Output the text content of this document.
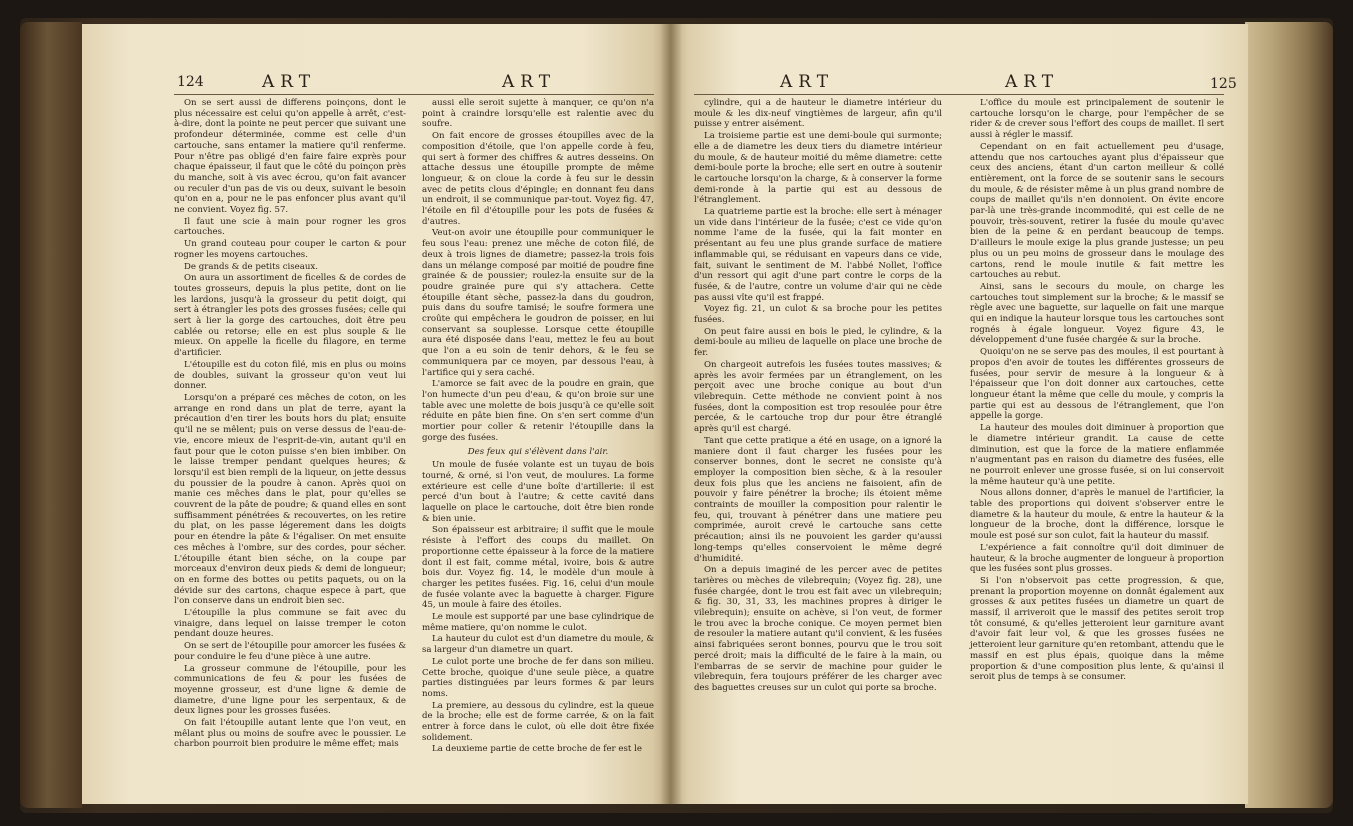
124	ART	ART

On se sert aussi de differens poinçons, dont le plus nécessaire est celui qu'on appelle à arrêt, c'est-à-dire, dont la pointe ne peut percer que suivant une profondeur déterminée, comme est celle d'un cartouche, sans entamer la matiere qu'il renferme. Pour n'être pas obligé d'en faire faire exprès pour chaque épaisseur, il faut que le côté du poinçon près du manche, soit à vis avec écrou, qu'on fait avancer ou reculer d'un pas de vis ou deux, suivant le besoin qu'on en a, pour ne le pas enfoncer plus avant qu'il ne convient. Voyez fig. 57.

Il faut une scie à main pour rogner les gros cartouches.

Un grand couteau pour couper le carton & pour rogner les moyens cartouches.

De grands & de petits ciseaux.

On aura un assortiment de ficelles & de cordes de toutes grosseurs, depuis la plus petite, dont on lie les lardons, jusqu'à la grosseur du petit doigt, qui sert à étrangler les pots des grosses fusées; celle qui sert à lier la gorge des cartouches, doit être peu cablée ou retorse; elle en est plus souple & lie mieux. On appelle la ficelle du filagore, en terme d'artificier.

L'étoupille est du coton filé, mis en plus ou moins de doubles, suivant la grosseur qu'on veut lui donner.

Lorsqu'on a préparé ces mêches de coton, on les arrange en rond dans un plat de terre, ayant la précaution d'en tirer les bouts hors du plat; ensuite qu'il ne se mêlent; puis on verse dessus de l'eau-de-vie, encore mieux de l'esprit-de-vin, autant qu'il en faut pour que le coton puisse s'en bien imbiber. On le laisse tremper pendant quelques heures; & lorsqu'il est bien rempli de la liqueur, on jette dessus du poussier de la poudre à canon. Après quoi on manie ces mêches dans le plat, pour qu'elles se couvrent de la pâte de poudre; & quand elles en sont suffisamment pénétrées & recouvertes, on les retire du plat, on les passe légerement dans les doigts pour en étendre la pâte & l'égaliser. On met ensuite ces mêches à l'ombre, sur des cordes, pour sécher. L'étoupille étant bien séche, on la coupe par morceaux d'environ deux pieds & demi de longueur; on en forme des bottes ou petits paquets, ou on la dévide sur des cartons, chaque espece à part, que l'on conserve dans un endroit bien sec.

L'étoupille la plus commune se fait avec du vinaigre, dans lequel on laisse tremper le coton pendant douze heures.

On se sert de l'étoupille pour amorcer les fusées & pour conduire le feu d'une pièce à une autre.

La grosseur commune de l'étoupille, pour les communications de feu & pour les fusées de moyenne grosseur, est d'une ligne & demie de diametre, d'une ligne pour les serpentaux, & de deux lignes pour les grosses fusées.

On fait l'étoupille autant lente que l'on veut, en mêlant plus ou moins de soufre avec le poussier. Le charbon pourroit bien produire le même effet; mais

aussi elle seroit sujette à manquer, ce qu'on n'a point à craindre lorsqu'elle est ralentie avec du soufre.

On fait encore de grosses étoupilles avec de la composition d'étoile, que l'on appelle corde à feu, qui sert à former des chiffres & autres desseins. On attache dessus une étoupille prompte de même longueur, & on cloue la corde à feu sur le dessin avec de petits clous d'épingle; en donnant feu dans un endroit, il se communique par-tout. Voyez fig. 47, l'étoile en fil d'étoupille pour les pots de fusées & d'autres.

Veut-on avoir une étoupille pour communiquer le feu sous l'eau: prenez une mêche de coton filé, de deux à trois lignes de diametre; passez-la trois fois dans un mélange composé par moitié de poudre fine grainée & de poussier; roulez-la ensuite sur de la poudre grainée pure qui s'y attachera. Cette étoupille étant sèche, passez-la dans du goudron, puis dans du soufre tamisé; le soufre formera une croûte qui empêchera le goudron de poisser, en lui conservant sa souplesse. Lorsque cette étoupille aura été disposée dans l'eau, mettez le feu au bout que l'on a eu soin de tenir dehors, & le feu se communiquera par ce moyen, par dessous l'eau, à l'artifice qui y sera caché.

L'amorce se fait avec de la poudre en grain, que l'on humecte d'un peu d'eau, & qu'on broie sur une table avec une molette de bois jusqu'à ce qu'elle soit réduite en pâte bien fine. On s'en sert comme d'un mortier pour coller & retenir l'étoupille dans la gorge des fusées.

Des feux qui s'élèvent dans l'air.

Un moule de fusée volante est un tuyau de bois tourné, & orné, si l'on veut, de moulures. La forme extérieure est celle d'une boîte d'artillerie: il est percé d'un bout à l'autre; & cette cavité dans laquelle on place le cartouche, doit être bien ronde & bien unie.

Son épaisseur est arbitraire; il suffit que le moule résiste à l'effort des coups du maillet. On proportionne cette épaisseur à la force de la matiere dont il est fait, comme métal, ivoire, bois & autre bois dur. Voyez fig. 14, le modèle d'un moule à charger les petites fusées. Fig. 16, celui d'un moule de fusée volante avec la baguette à charger. Figure 45, un moule à faire des étoiles.

Le moule est supporté par une base cylindrique de même matiere, qu'on nomme le culot.

La hauteur du culot est d'un diametre du moule, & sa largeur d'un diametre un quart.

Le culot porte une broche de fer dans son milieu. Cette broche, quoique d'une seule pièce, a quatre parties distinguées par leurs formes & par leurs noms.

La premiere, au dessous du cylindre, est la queue de la broche; elle est de forme carrée, & on la fait entrer à force dans le culot, où elle doit être fixée solidement.

La deuxieme partie de cette broche de fer est le

ART	ART	125

cylindre, qui a de hauteur le diametre intérieur du moule & les dix-neuf vingtièmes de largeur, afin qu'il puisse y entrer aisément.

La troisieme partie est une demi-boule qui surmonte; elle a de diametre les deux tiers du diametre intérieur du moule, & de hauteur moitié du même diametre: cette demi-boule porte la broche; elle sert en outre à soutenir le cartouche lorsqu'on la charge, & à conserver la forme demi-ronde à la partie qui est au dessous de l'étranglement.

La quatrieme partie est la broche: elle sert à ménager un vide dans l'intérieur de la fusée; c'est ce vide qu'on nomme l'ame de la fusée, qui la fait monter en présentant au feu une plus grande surface de matiere inflammable qui, se réduisant en vapeurs dans ce vide, fait, suivant le sentiment de M. l'abbé Nollet, l'office d'un ressort qui agit d'une part contre le corps de la fusée, & de l'autre, contre un volume d'air qui ne cède pas aussi vîte qu'il est frappé.

Voyez fig. 21, un culot & sa broche pour les petites fusées.

On peut faire aussi en bois le pied, le cylindre, & la demi-boule au milieu de laquelle on place une broche de fer.

On chargeoit autrefois les fusées toutes massives; & après les avoir fermées par un étranglement, on les perçoit avec une broche conique au bout d'un vilebrequin. Cette méthode ne convient point à nos fusées, dont la composition est trop resoulée pour être percée, & le cartouche trop dur pour être étranglé après qu'il est chargé.

Tant que cette pratique a été en usage, on a ignoré la maniere dont il faut charger les fusées pour les conserver bonnes, dont le secret ne consiste qu'à employer la composition bien sèche, & à la resouler deux fois plus que les anciens ne faisoient, afin de pouvoir y faire pénétrer la broche; ils étoient même contraints de mouiller la composition pour ralentir le feu, qui, trouvant à pénétrer dans une matiere peu comprimée, auroit crevé le cartouche sans cette précaution; ainsi ils ne pouvoient les garder qu'aussi long-temps qu'elles conservoient le même degré d'humidité.

On a depuis imaginé de les percer avec de petites tarières ou mèches de vilebrequin; (Voyez fig. 28), une fusée chargée, dont le trou est fait avec un vilebrequin; & fig. 30, 31, 33, les machines propres à diriger le vilebrequin); ensuite on achève, si l'on veut, de former le trou avec la broche conique. Ce moyen permet bien de resouler la matiere autant qu'il convient, & les fusées ainsi fabriquées seront bonnes, pourvu que le trou soit percé droit; mais la difficulté de le faire à la main, ou l'embarras de se servir de machine pour guider le vilebrequin, fera toujours préférer de les charger avec des baguettes creuses sur un culot qui porte sa broche.

L'office du moule est principalement de soutenir le cartouche lorsqu'on le charge, pour l'empêcher de se rider & de crever sous l'effort des coups de maillet. Il sert aussi à régler le massif.

Cependant on en fait actuellement peu d'usage, attendu que nos cartouches ayant plus d'épaisseur que ceux des anciens, étant d'un carton meilleur & collé entièrement, ont la force de se soutenir sans le secours du moule, & de résister même à un plus grand nombre de coups de maillet qu'ils n'en donnoient. On évite encore par-là une très-grande incommodité, qui est celle de ne pouvoir, très-souvent, retirer la fusée du moule qu'avec bien de la peine & en perdant beaucoup de temps. D'ailleurs le moule exige la plus grande justesse; un peu plus ou un peu moins de grosseur dans le moulage des cartons, rend le moule inutile & fait mettre les cartouches au rebut.

Ainsi, sans le secours du moule, on charge les cartouches tout simplement sur la broche; & le massif se règle avec une baguette, sur laquelle on fait une marque qui en indique la hauteur lorsque tous les cartouches sont rognés à égale longueur. Voyez figure 43, le développement d'une fusée chargée & sur la broche.

Quoiqu'on ne se serve pas des moules, il est pourtant à propos d'en avoir de toutes les différentes grosseurs de fusées, pour servir de mesure à la longueur & à l'épaisseur que l'on doit donner aux cartouches, cette longueur étant la même que celle du moule, y compris la partie qui est au dessous de l'étranglement, que l'on appelle la gorge.

La hauteur des moules doit diminuer à proportion que le diametre intérieur grandit. La cause de cette diminution, est que la force de la matiere enflammée n'augmentant pas en raison du diametre des fusées, elle ne pourroit enlever une grosse fusée, si on lui conservoit la même hauteur qu'à une petite.

Nous allons donner, d'après le manuel de l'artificier, la table des proportions qui doivent s'observer entre le diametre & la hauteur du moule, & entre la hauteur & la longueur de la broche, dont la différence, lorsque le moule est posé sur son culot, fait la hauteur du massif.

L'expérience a fait connoître qu'il doit diminuer de hauteur, & la broche augmenter de longueur à proportion que les fusées sont plus grosses.

Si l'on n'observoit pas cette progression, & que, prenant la proportion moyenne on donnât également aux grosses & aux petites fusées un diametre un quart de massif, il arriveroit que le massif des petites seroit trop tôt consumé, & qu'elles jetteroient leur garniture avant d'avoir fait leur vol, & que les grosses fusées ne jetteroient leur garniture qu'en retombant, attendu que le massif en est plus épais, quoique dans la même proportion & d'une composition plus lente, & qu'ainsi il seroit plus de temps à se consumer.
